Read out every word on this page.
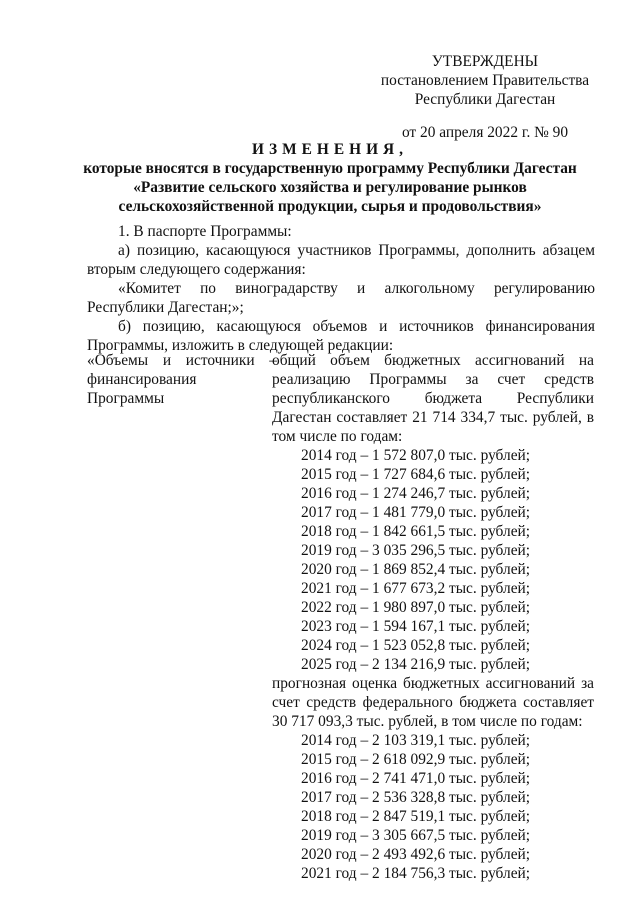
УТВЕРЖДЕНЫ
постановлением Правительства
Республики Дагестан
от 20 апреля 2022 г. № 90
ИЗМЕНЕНИЯ,
которые вносятся в государственную программу Республики Дагестан
«Развитие сельского хозяйства и регулирование рынков
сельскохозяйственной продукции, сырья и продовольствия»
1. В паспорте Программы:
а) позицию, касающуюся участников Программы, дополнить абзацем вторым следующего содержания:
«Комитет по виноградарству и алкогольному регулированию Республики Дагестан;»;
б) позицию, касающуюся объемов и источников финансирования Программы, изложить в следующей редакции:
«Объемы и источники – финансирования Программы
общий объем бюджетных ассигнований на реализацию Программы за счет средств республиканского бюджета Республики Дагестан составляет 21 714 334,7 тыс. рублей, в том числе по годам:
2014 год – 1 572 807,0 тыс. рублей;
2015 год – 1 727 684,6 тыс. рублей;
2016 год – 1 274 246,7 тыс. рублей;
2017 год – 1 481 779,0 тыс. рублей;
2018 год – 1 842 661,5 тыс. рублей;
2019 год – 3 035 296,5 тыс. рублей;
2020 год – 1 869 852,4 тыс. рублей;
2021 год – 1 677 673,2 тыс. рублей;
2022 год – 1 980 897,0 тыс. рублей;
2023 год – 1 594 167,1 тыс. рублей;
2024 год – 1 523 052,8 тыс. рублей;
2025 год – 2 134 216,9 тыс. рублей;
прогнозная оценка бюджетных ассигнований за счет средств федерального бюджета составляет 30 717 093,3 тыс. рублей, в том числе по годам:
2014 год – 2 103 319,1 тыс. рублей;
2015 год – 2 618 092,9 тыс. рублей;
2016 год – 2 741 471,0 тыс. рублей;
2017 год – 2 536 328,8 тыс. рублей;
2018 год – 2 847 519,1 тыс. рублей;
2019 год – 3 305 667,5 тыс. рублей;
2020 год – 2 493 492,6 тыс. рублей;
2021 год – 2 184 756,3 тыс. рублей;
